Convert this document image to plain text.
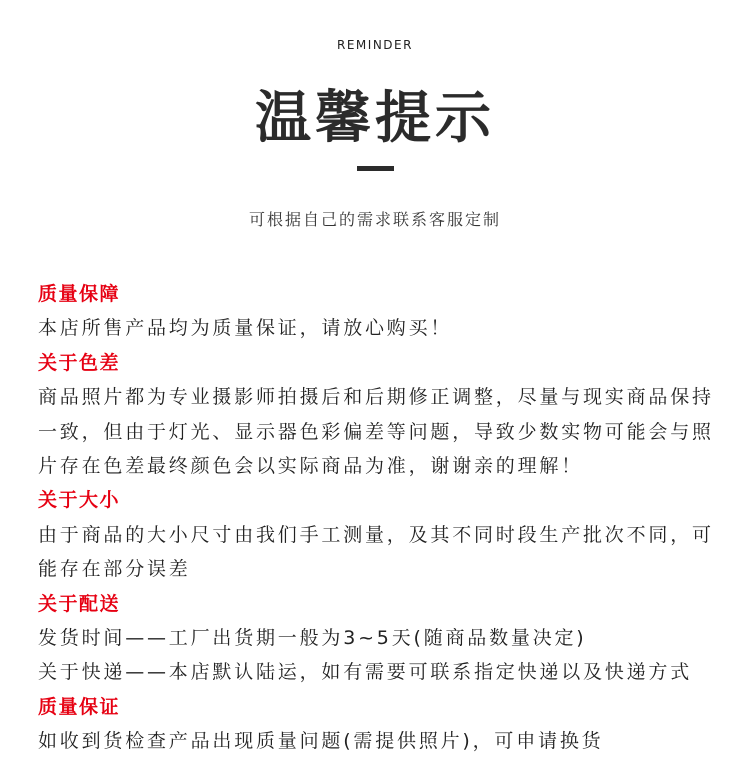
REMINDER
温馨提示
可根据自己的需求联系客服定制
质量保障
本店所售产品均为质量保证，请放心购买！
关于色差
商品照片都为专业摄影师拍摄后和后期修正调整，尽量与现实商品保持
一致，但由于灯光、显示器色彩偏差等问题，导致少数实物可能会与照
片存在色差最终颜色会以实际商品为准，谢谢亲的理解！
关于大小
由于商品的大小尺寸由我们手工测量，及其不同时段生产批次不同，可
能存在部分误差
关于配送
发货时间——工厂出货期一般为3~5天(随商品数量决定)
关于快递——本店默认陆运，如有需要可联系指定快递以及快递方式
质量保证
如收到货检查产品出现质量问题(需提供照片)，可申请换货
